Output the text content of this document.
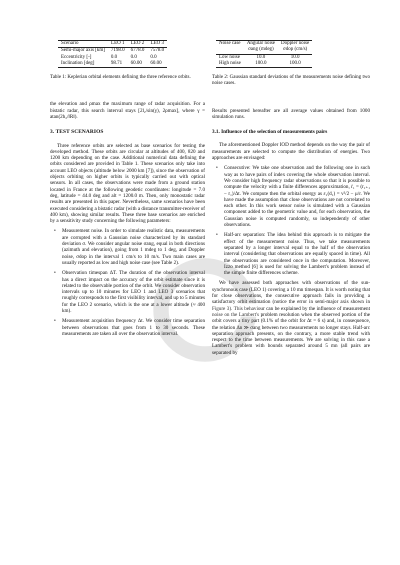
Scenario	LEO 1	LEO 2	LEO 3
Semi-major axis [km]	7198.0	6778.0	7578.0
Eccentricity [-]	0.0	0.0	0.0
Inclination [deg]	98.71	60.00	60.00
Table 1: Keplerian orbital elements defining the three reference orbits.
the elevation and ρmax the maximum range of radar acquisition. For a bistatic radar, this search interval stays [2l₂/sin(γ), 2ρmax], where γ = atan(2h₂/‖R‖).
3. TEST SCENARIOS
Three reference orbits are selected as base scenarios for testing the developed method. These orbits are circular at altitudes of 400, 820 and 1200 km depending on the case. Additional numerical data defining the orbits considered are provided in Table 1. These scenarios only take into account LEO objects (altitude below 2000 km [7]), since the observation of objects orbiting on higher orbits is typically carried out with optical sensors. In all cases, the observations were made from a ground station located in France at the following geodetic coordinates: longitude = 7.0 deg, latitude = 44.0 deg and alt = 1200.0 m. Then, only monostatic radar results are presented in this paper. Nevertheless, same scenarios have been executed considering a bistatic radar (with a distance transmitter-receiver of 400 km), showing similar results. These three base scenarios are enriched by a sensitivity study concerning the following parameters:
• Measurement noise. In order to simulate realistic data, measurements are corrupted with a Gaussian noise characterized by its standard deviation σ. We consider angular noise σang, equal in both directions (azimuth and elevation), going from 1 mdeg to 1 deg, and Doppler noise, σdop in the interval 1 cm/s to 10 m/s. Two main cases are usually reported as low and high noise case (see Table 2).
• Observation timespan ΔT. The duration of the observation interval has a direct impact on the accuracy of the orbit estimate since it is related to the observable portion of the orbit. We consider observation intervals up to 10 minutes for LEO 1 and LEO 3 scenarios that roughly corresponds to the first visibility interval, and up to 5 minutes for the LEO 2 scenario, which is the one at a lower altitude (≈ 400 km).
• Measurement acquisition frequency Δt. We consider time separation between observations that goes from 1 to 30 seconds. These measurements are taken all over the observation interval.
Noise case	Angular noise	Doppler noise
	σang (mdeg)	σdop (cm/s)
Low noise	10.0	10.0
High noise	100.0	100.0
Table 2: Gaussian standard deviations of the measurements noise defining two noise cases.
Results presented hereafter are all average values obtained from 1000 simulation runs.
3.1. Influence of the selection of measurements pairs
The aforementioned Doppler IOD method depends on the way the pair of measurements are selected to compute the distribution of energies. Two approaches are envisaged:
• Consecutive: We take one observation and the following one in such way as to have pairs of index covering the whole observation interval. We consider high frequency radar observations so that it is possible to compute the velocity with a finite differences approximation, ṙ₁ = (r₁₊₁ − r₁)/Δt. We compute then the orbital energy as ε₁(d₁) = v²/2 − μ/r. We have made the assumption that close observations are not correlated to each other. In this work sensor noise is simulated with a Gaussian component added to the geometric value and, for each observation, the Gaussian noise is computed randomly, so independently of other observations.
• Half-arc separation: The idea behind this approach is to mitigate the effect of the measurement noise. Thus, we take measurements separated by a longer interval equal to the half of the observation interval (considering that observations are equally spaced in time). All the observations are considered once in the computation. Moreover, Izzo method [6] is used for solving the Lambert's problem instead of the simple finite differences scheme.
We have assessed both approaches with observations of the sun-synchronous case (LEO 1) covering a 10 mn timespan. It is worth noting that for close observations, the consecutive approach fails in providing a satisfactory orbit estimation (notice the error in semi-major axis shown in Figure 3). This behaviour can be explained by the influence of measurement noise on the Lambert's problem resolution when the observed portion of the orbit covers a tiny part (0.1% of the orbit for Δt = 6 s) and, in consequence, the relation Δn ≫ σang between two measurements no longer stays. Half-arc separation approach presents, on the contrary, a more stable trend with respect to the time between measurements. We are solving in this case a Lambert's problem with bounds separated around 5 mn (all pairs are separated by
